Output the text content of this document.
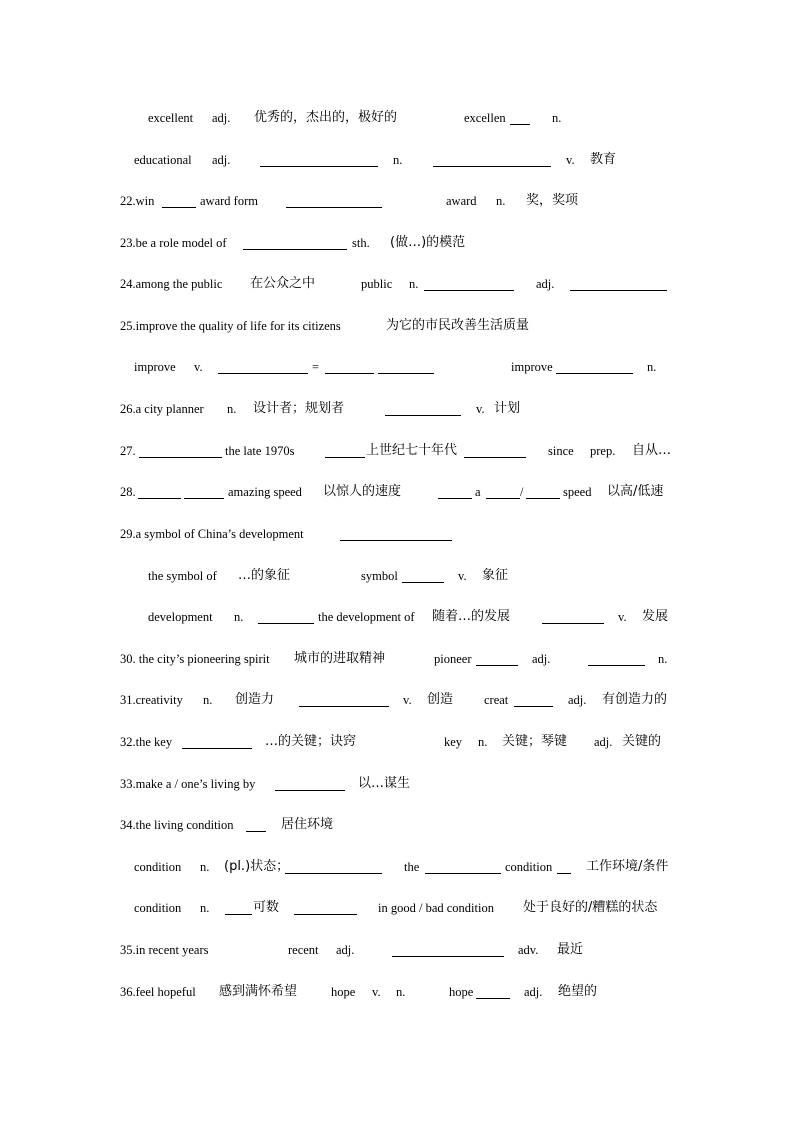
excellent adj. 优秀的，杰出的，极好的	excellen	n.
educational adj.	n.	v. 教育
22.win	award form	award n. 奖，奖项
23.be a role model of	sth. (做…)的模范
24.among the public 在公众之中	public n.	adj.
25.improve the quality of life for its citizens	为它的市民改善生活质量
improve v.	=	improve	n.
26.a city planner n. 设计者；规划者	v. 计划
27.	the late 1970s	上世纪七十年代	since prep. 自从…
28.	amazing speed 以惊人的速度	a	/	speed 以高/低速
29.a symbol of China’s development
the symbol of …的象征	symbol	v. 象征
development n.	the development of 随着…的发展	v. 发展
30. the city’s pioneering spirit 城市的进取精神	pioneer	adj.	n.
31.creativity n. 创造力	v. 创造 creat	adj. 有创造力的
32.the key	…的关键；诀窍	key n. 关键；琴键 adj. 关键的
33.make a / one’s living by	以…谋生
34.the living condition	居住环境
condition n. (pl.)状态；	the	condition	工作环境/条件
condition n.	可数	in good / bad condition 处于良好的/糟糕的状态
35.in recent years	recent adj.	adv. 最近
36.feel hopeful 感到满怀希望	hope v. n.	hope	adj. 绝望的
